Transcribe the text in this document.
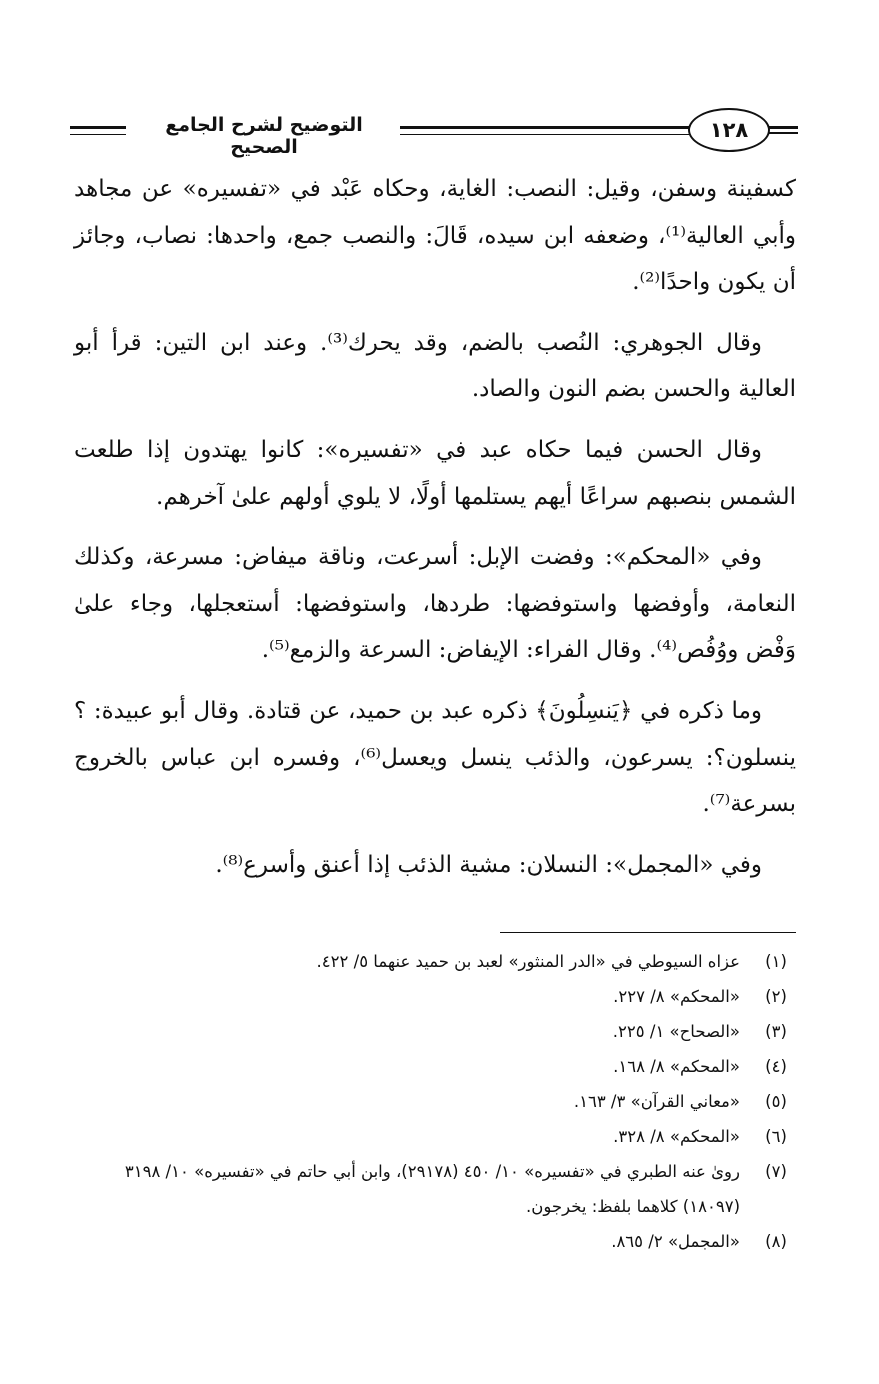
التوضيح لشرح الجامع الصحيح
١٢٨

كسفينة وسفن، وقيل: النصب: الغاية، وحكاه عَبْد في «تفسيره» عن مجاهد وأبي العالية⁽¹⁾، وضعفه ابن سيده، قَالَ: والنصب جمع، واحدها: نصاب، وجائز أن يكون واحدًا⁽²⁾.

وقال الجوهري: النُصب بالضم، وقد يحرك⁽³⁾. وعند ابن التين: قرأ أبو العالية والحسن بضم النون والصاد.

وقال الحسن فيما حكاه عبد في «تفسيره»: كانوا يهتدون إذا طلعت الشمس بنصبهم سراعًا أيهم يستلمها أولًا، لا يلوي أولهم علىٰ آخرهم.

وفي «المحكم»: وفضت الإبل: أسرعت، وناقة ميفاض: مسرعة، وكذلك النعامة، وأوفضها واستوفضها: طردها، واستوفضها: أستعجلها، وجاء علىٰ وَفْض ووُفُص⁽⁴⁾. وقال الفراء: الإيفاض: السرعة والزمع⁽⁵⁾.

وما ذكره في ﴿يَنسِلُونَ﴾ ذكره عبد بن حميد، عن قتادة. وقال أبو عبيدة: ؟ينسلون؟: يسرعون، والذئب ينسل ويعسل⁽⁶⁾، وفسره ابن عباس بالخروج بسرعة⁽⁷⁾.

وفي «المجمل»: النسلان: مشية الذئب إذا أعنق وأسرع⁽⁸⁾.

(١)
عزاه السيوطي في «الدر المنثور» لعبد بن حميد عنهما ٥/ ٤٢٢.
(٢)
«المحكم» ٨/ ٢٢٧.
(٣)
«الصحاح» ١/ ٢٢٥.
(٤)
«المحكم» ٨/ ١٦٨.
(٥)
«معاني القرآن» ٣/ ١٦٣.
(٦)
«المحكم» ٨/ ٣٢٨.
(٧)
رویٰ عنه الطبري في «تفسيره» ١٠/ ٤٥٠ (٢٩١٧٨)، وابن أبي حاتم في «تفسيره» ١٠/ ٣١٩٨ (١٨٠٩٧) كلاهما بلفظ: يخرجون.
(٨)
«المجمل» ٢/ ٨٦٥.
